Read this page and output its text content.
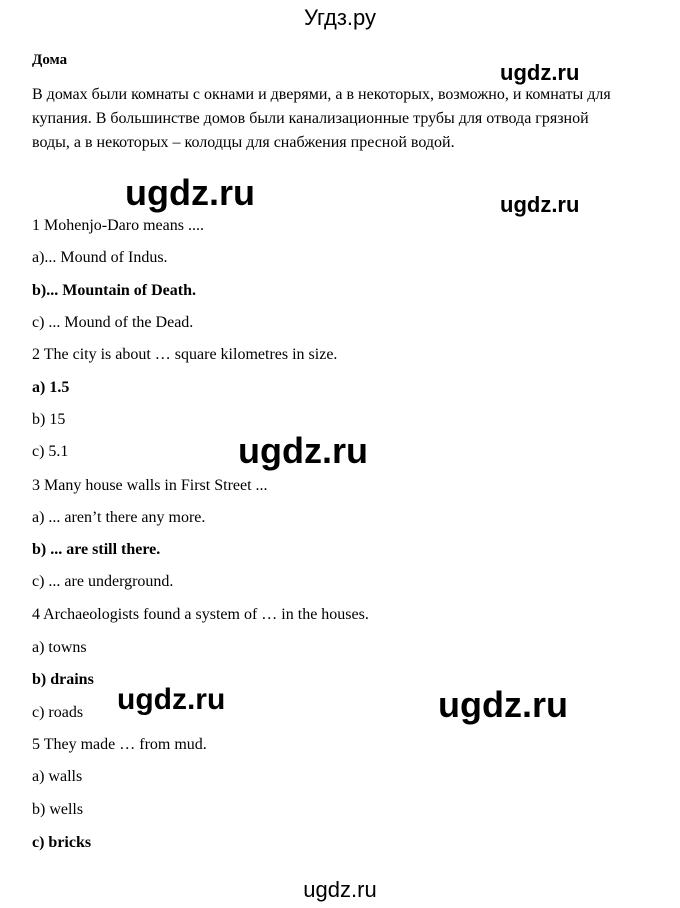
Угдз.ру
Дома
В домах были комнаты с окнами и дверями, а в некоторых, возможно, и комнаты для купания. В большинстве домов были канализационные трубы для отвода грязной воды, а в некоторых – колодцы для снабжения пресной водой.
1 Mohenjo-Daro means ....
a)... Mound of Indus.
b)... Mountain of Death.
c) ... Mound of the Dead.
2 The city is about … square kilometres in size.
a) 1.5
b) 15
c) 5.1
3 Many house walls in First Street ...
a) ... aren’t there any more.
b) ... are still there.
c) ... are underground.
4 Archaeologists found a system of … in the houses.
a) towns
b) drains
c) roads
5 They made … from mud.
a) walls
b) wells
c) bricks
ugdz.ru
ugdz.ru	ugdz.ru
ugdz.ru
ugdz.ru	ugdz.ru
ugdz.ru
